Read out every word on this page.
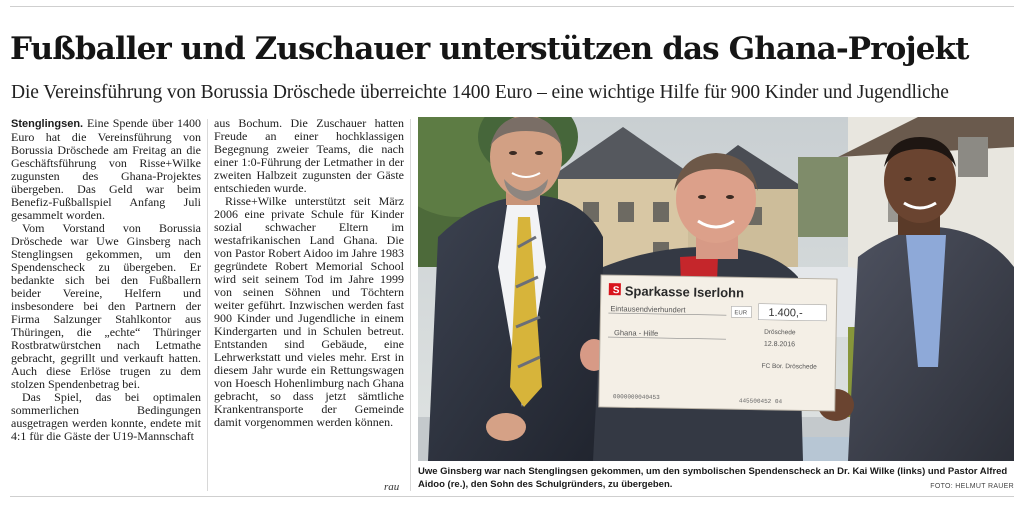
Fußballer und Zuschauer unterstützen das Ghana-Projekt
Die Vereinsführung von Borussia Dröschede überreichte 1400 Euro – eine wichtige Hilfe für 900 Kinder und Jugendliche

Stenglingsen. Eine Spende über 1400 Euro hat die Vereinsführung von Borussia Dröschede am Freitag an die Geschäftsführung von Risse+Wilke zugunsten des Ghana-Projektes übergeben. Das Geld war beim Benefiz-Fußballspiel Anfang Juli gesammelt worden.

Vom Vorstand von Borussia Dröschede war Uwe Ginsberg nach Stenglingsen gekommen, um den Spendenscheck zu übergeben. Er bedankte sich bei den Fußballern beider Vereine, Helfern und insbesondere bei den Partnern der Firma Salzunger Stahlkontor aus Thüringen, die „echte“ Thüringer Rostbratwürstchen nach Letmathe gebracht, gegrillt und verkauft hatten. Auch diese Erlöse trugen zu dem stolzen Spendenbetrag bei.

Das Spiel, das bei optimalen sommerlichen Bedingungen ausgetragen werden konnte, endete mit 4:1 für die Gäste der U19-Mannschaft

aus Bochum. Die Zuschauer hatten Freude an einer hochklassigen Begegnung zweier Teams, die nach einer 1:0-Führung der Letmather in der zweiten Halbzeit zugunsten der Gäste entschieden wurde.

Risse+Wilke unterstützt seit März 2006 eine private Schule für Kinder sozial schwacher Eltern im westafrikanischen Land Ghana. Die von Pastor Robert Aidoo im Jahre 1983 gegründete Robert Memorial School wird seit seinem Tod im Jahre 1999 von seinen Söhnen und Töchtern weiter geführt. Inzwischen werden fast 900 Kinder und Jugendliche in einem Kindergarten und in Schulen betreut. Entstanden sind Gebäude, eine Lehrwerkstatt und vieles mehr. Erst in diesem Jahr wurde ein Rettungswagen von Hoesch Hohenlimburg nach Ghana gebracht, so dass jetzt sämtliche Krankentransporte der Gemeinde damit vorgenommen werden können.

rau
S Sparkasse Iserlohn
Eintausendvierhundert	EUR 1.400,-
Ghana - Hilfe	Dröschede
12.8.2016
FC Bor. Dröschede
0000000040453
445500452 04
Uwe Ginsberg war nach Stenglingsen gekommen, um den symbolischen Spendenscheck an Dr. Kai Wilke (links) und Pastor Alfred Aidoo (re.), den Sohn des Schulgründers, zu übergeben.	FOTO: HELMUT RAUER
